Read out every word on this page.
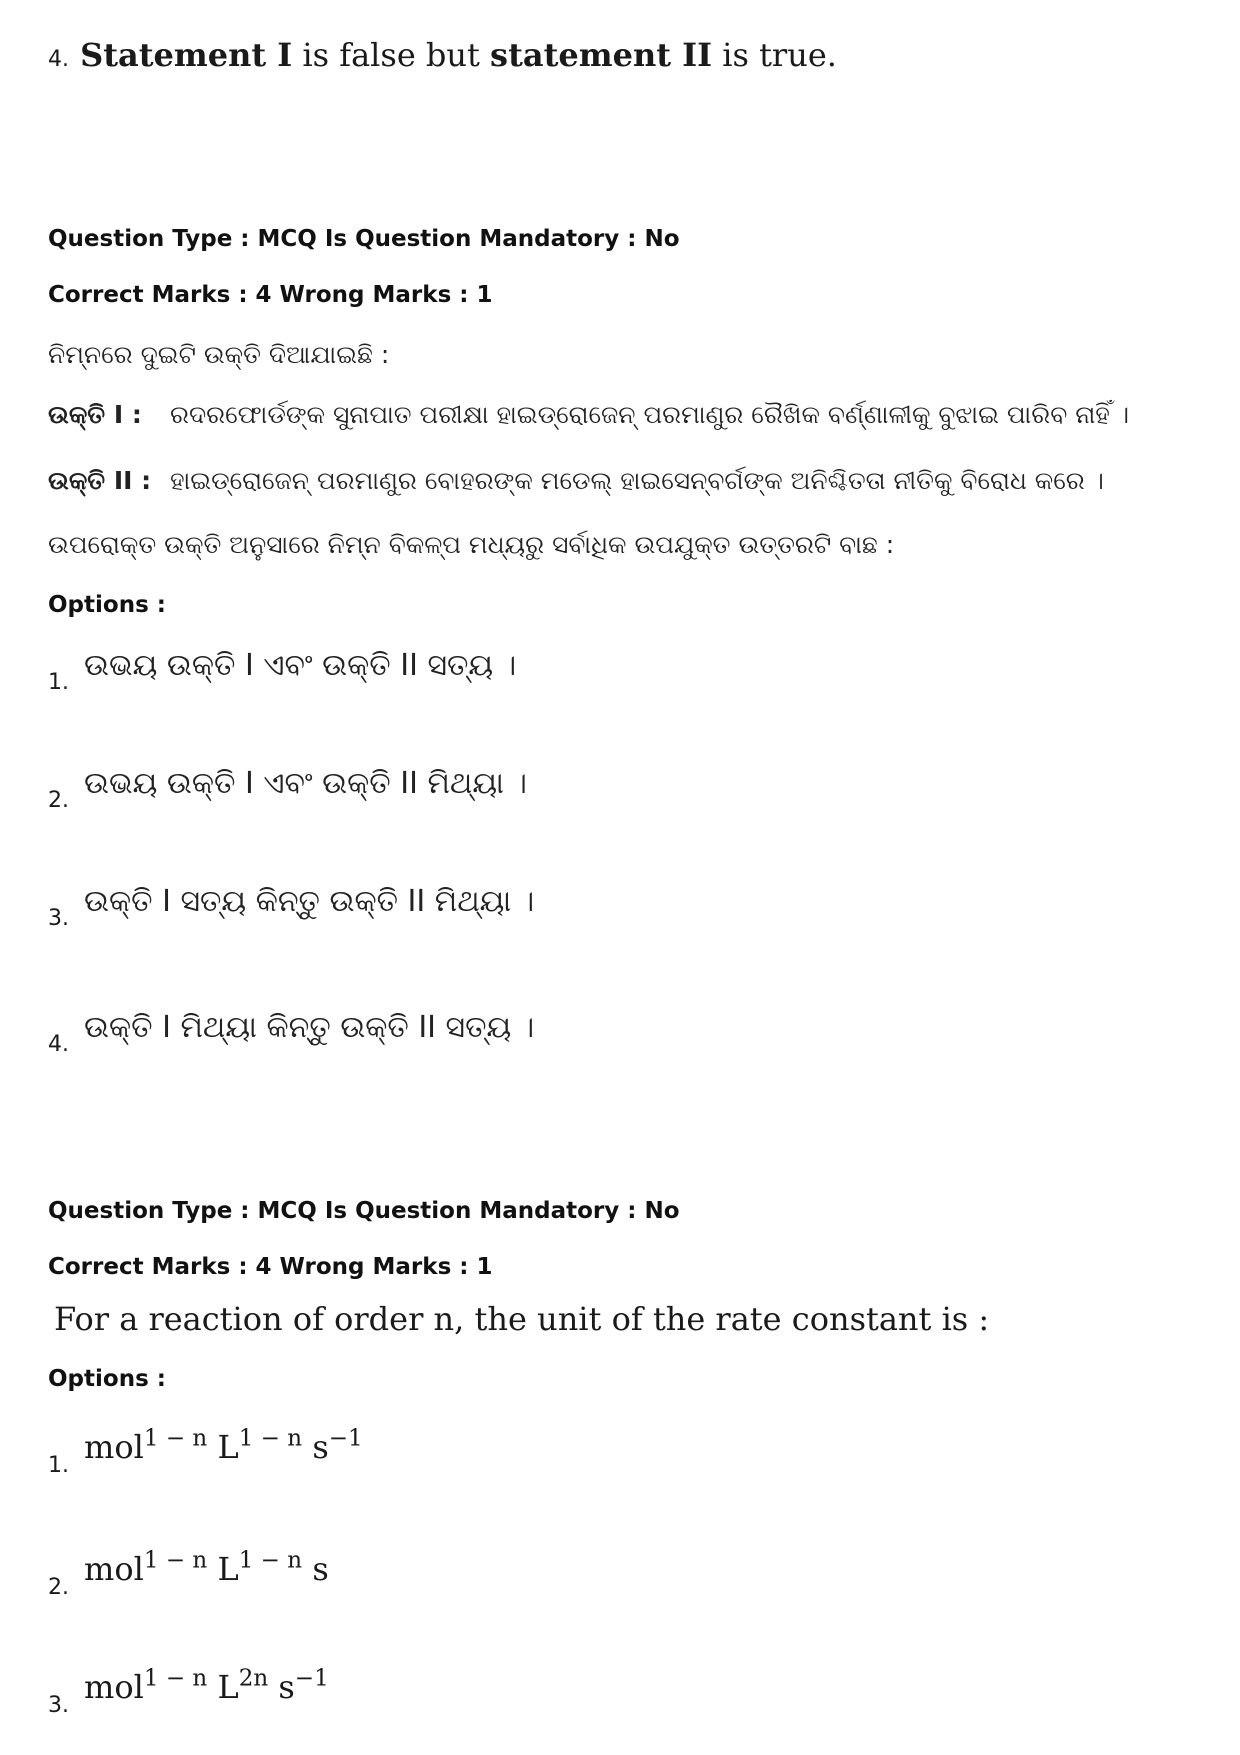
4. Statement I is false but statement II is true.
Question Type : MCQ Is Question Mandatory : No
Correct Marks : 4 Wrong Marks : 1
ନିମ୍ନରେ ଦୁଇଟି ଉକ୍ତି ଦିଆଯାଇଛି :
ଉକ୍ତି I : ରଦରଫୋର୍ଡଙ୍କ ସୁନାପାତ ପରୀକ୍ଷା ହାଇଡ୍ରୋଜେନ୍ ପରମାଣୁର ରୈଖିକ ବର୍ଣ୍ଣାଳୀକୁ ବୁଝାଇ ପାରିବ ନାହିଁ ।
ଉକ୍ତି II : ହାଇଡ୍ରୋଜେନ୍ ପରମାଣୁର ବୋହରଙ୍କ ମଡେଲ୍ ହାଇସେନ୍‌ବର୍ଗଙ୍କ ଅନିଶ୍ଚିତତା ନୀତିକୁ ବିରୋଧ କରେ ।
ଉପରୋକ୍ତ ଉକ୍ତି ଅନୁସାରେ ନିମ୍ନ ବିକଳ୍ପ ମଧ୍ୟରୁ ସର୍ବାଧିକ ଉପଯୁକ୍ତ ଉତ୍ତରଟି ବାଛ :
Options :
1. ଉଭୟ ଉକ୍ତି I ଏବଂ ଉକ୍ତି II ସତ୍ୟ ।
2. ଉଭୟ ଉକ୍ତି I ଏବଂ ଉକ୍ତି II ମିଥ୍ୟା ।
3. ଉକ୍ତି I ସତ୍ୟ କିନ୍ତୁ ଉକ୍ତି II ମିଥ୍ୟା ।
4. ଉକ୍ତି I ମିଥ୍ୟା କିନ୍ତୁ ଉକ୍ତି II ସତ୍ୟ ।
Question Type : MCQ Is Question Mandatory : No
Correct Marks : 4 Wrong Marks : 1
For a reaction of order n, the unit of the rate constant is :
Options :
1. mol$^{1 - n}$ $L^{1 - n}$ $s^{-1}$
2. mol$^{1 - n}$ $L^{1 - n}$ s
3. mol$^{1 - n}$ $L^{2n}$ $s^{-1}$
